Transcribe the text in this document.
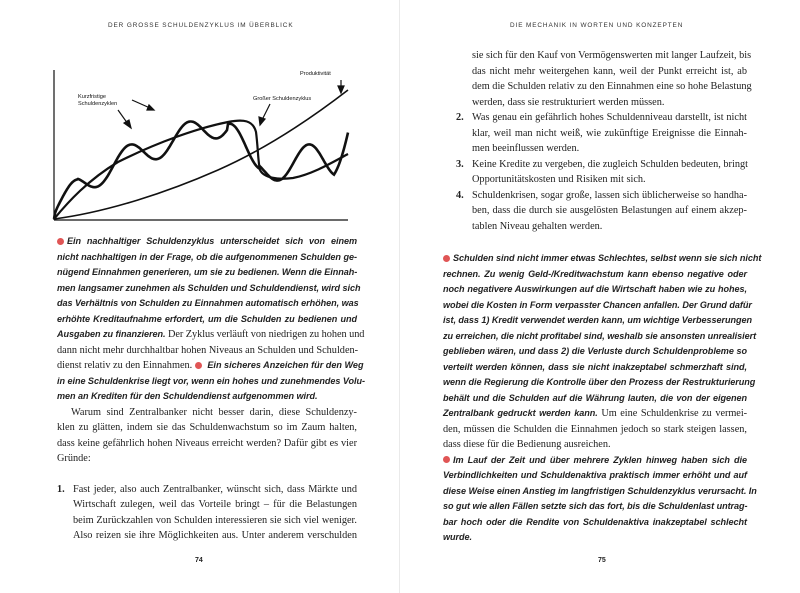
DER GROSSE SCHULDENZYKLUS IM ÜBERBLICK
Kurzfristige
Schuldenzyklen
Großer Schuldenzyklus
Produktivität
Ein nachhaltiger Schuldenzyklus unterscheidet sich von einem
nicht nachhaltigen in der Frage, ob die aufgenommenen Schulden ge-
nügend Einnahmen generieren, um sie zu bedienen. Wenn die Einnah-
men langsamer zunehmen als Schulden und Schuldendienst, wird sich
das Verhältnis von Schulden zu Einnahmen automatisch erhöhen, was
erhöhte Kreditaufnahme erfordert, um die Schulden zu bedienen und
Ausgaben zu finanzieren. Der Zyklus verläuft von niedrigen zu hohen und
dann nicht mehr durchhaltbar hohen Niveaus an Schulden und Schulden-
dienst relativ zu den Einnahmen.  Ein sicheres Anzeichen für den Weg
in eine Schuldenkrise liegt vor, wenn ein hohes und zunehmendes Volu-
men an Krediten für den Schuldendienst aufgenommen wird.
Warum sind Zentralbanker nicht besser darin, diese Schuldenzy-
klen zu glätten, indem sie das Schuldenwachstum so im Zaum halten,
dass keine gefährlich hohen Niveaus erreicht werden? Dafür gibt es vier
Gründe:
1. Fast jeder, also auch Zentralbanker, wünscht sich, dass Märkte und
Wirtschaft zulegen, weil das Vorteile bringt – für die Belastungen
beim Zurückzahlen von Schulden interessieren sie sich viel weniger.
Also reizen sie ihre Möglichkeiten aus. Unter anderem verschulden
74
DIE MECHANIK IN WORTEN UND KONZEPTEN
sie sich für den Kauf von Vermögenswerten mit langer Laufzeit, bis
das nicht mehr weitergehen kann, weil der Punkt erreicht ist, ab
dem die Schulden relativ zu den Einnahmen eine so hohe Belastung
werden, dass sie restrukturiert werden müssen.
2. Was genau ein gefährlich hohes Schuldenniveau darstellt, ist nicht
klar, weil man nicht weiß, wie zukünftige Ereignisse die Einnah-
men beeinflussen werden.
3. Keine Kredite zu vergeben, die zugleich Schulden bedeuten, bringt
Opportunitätskosten und Risiken mit sich.
4. Schuldenkrisen, sogar große, lassen sich üblicherweise so handha-
ben, dass die durch sie ausgelösten Belastungen auf einem akzep-
tablen Niveau gehalten werden.
Schulden sind nicht immer etwas Schlechtes, selbst wenn sie sich nicht
rechnen. Zu wenig Geld-/Kreditwachstum kann ebenso negative oder
noch negativere Auswirkungen auf die Wirtschaft haben wie zu hohes,
wobei die Kosten in Form verpasster Chancen anfallen. Der Grund dafür
ist, dass 1) Kredit verwendet werden kann, um wichtige Verbesserungen
zu erreichen, die nicht profitabel sind, weshalb sie ansonsten unrealisiert
geblieben wären, und dass 2) die Verluste durch Schuldenprobleme so
verteilt werden können, dass sie nicht inakzeptabel schmerzhaft sind,
wenn die Regierung die Kontrolle über den Prozess der Restrukturierung
behält und die Schulden auf die Währung lauten, die von der eigenen
Zentralbank gedruckt werden kann. Um eine Schuldenkrise zu vermei-
den, müssen die Schulden die Einnahmen jedoch so stark steigen lassen,
dass diese für die Bedienung ausreichen.
Im Lauf der Zeit und über mehrere Zyklen hinweg haben sich die
Verbindlichkeiten und Schuldenaktiva praktisch immer erhöht und auf
diese Weise einen Anstieg im langfristigen Schuldenzyklus verursacht. In
so gut wie allen Fällen setzte sich das fort, bis die Schuldenlast untrag-
bar hoch oder die Rendite von Schuldenaktiva inakzeptabel schlecht
wurde.
75
